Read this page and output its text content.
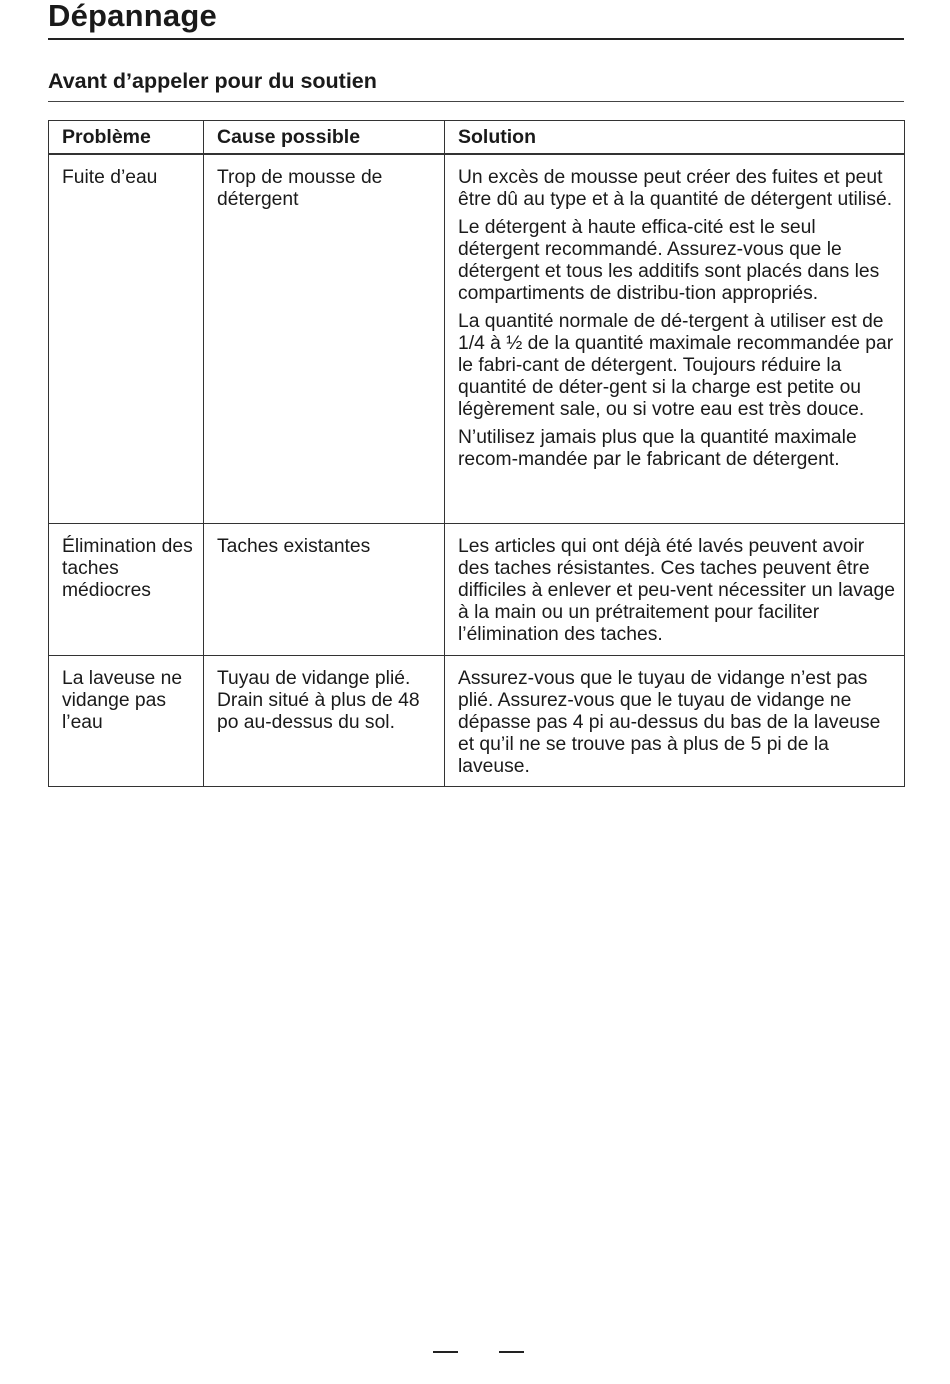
Dépannage
Avant d’appeler pour du soutien
Problème	Cause possible	Solution
Fuite d’eau	Trop de mousse de détergent	Un excès de mousse peut créer des fuites et peut être dû au type et à la quantité de détergent utilisé.

Le détergent à haute effica-cité est le seul détergent recommandé. Assurez-vous que le détergent et tous les additifs sont placés dans les compartiments de distribu-tion appropriés.

La quantité normale de dé-tergent à utiliser est de 1/4 à ½ de la quantité maximale recommandée par le fabri-cant de détergent. Toujours réduire la quantité de déter-gent si la charge est petite ou légèrement sale, ou si votre eau est très douce.

N’utilisez jamais plus que la quantité maximale recom-mandée par le fabricant de détergent.

Élimination des taches médiocres	Taches existantes	Les articles qui ont déjà été lavés peuvent avoir des taches résistantes. Ces taches peuvent être difficiles à enlever et peu-vent nécessiter un lavage à la main ou un prétraitement pour faciliter l’élimination des taches.

La laveuse ne vidange pas l’eau	Tuyau de vidange plié. Drain situé à plus de 48 po au-dessus du sol.	Assurez-vous que le tuyau de vidange n’est pas plié. Assurez-vous que le tuyau de vidange ne dépasse pas 4 pi au-dessus du bas de la laveuse et qu’il ne se trouve pas à plus de 5 pi de la laveuse.
